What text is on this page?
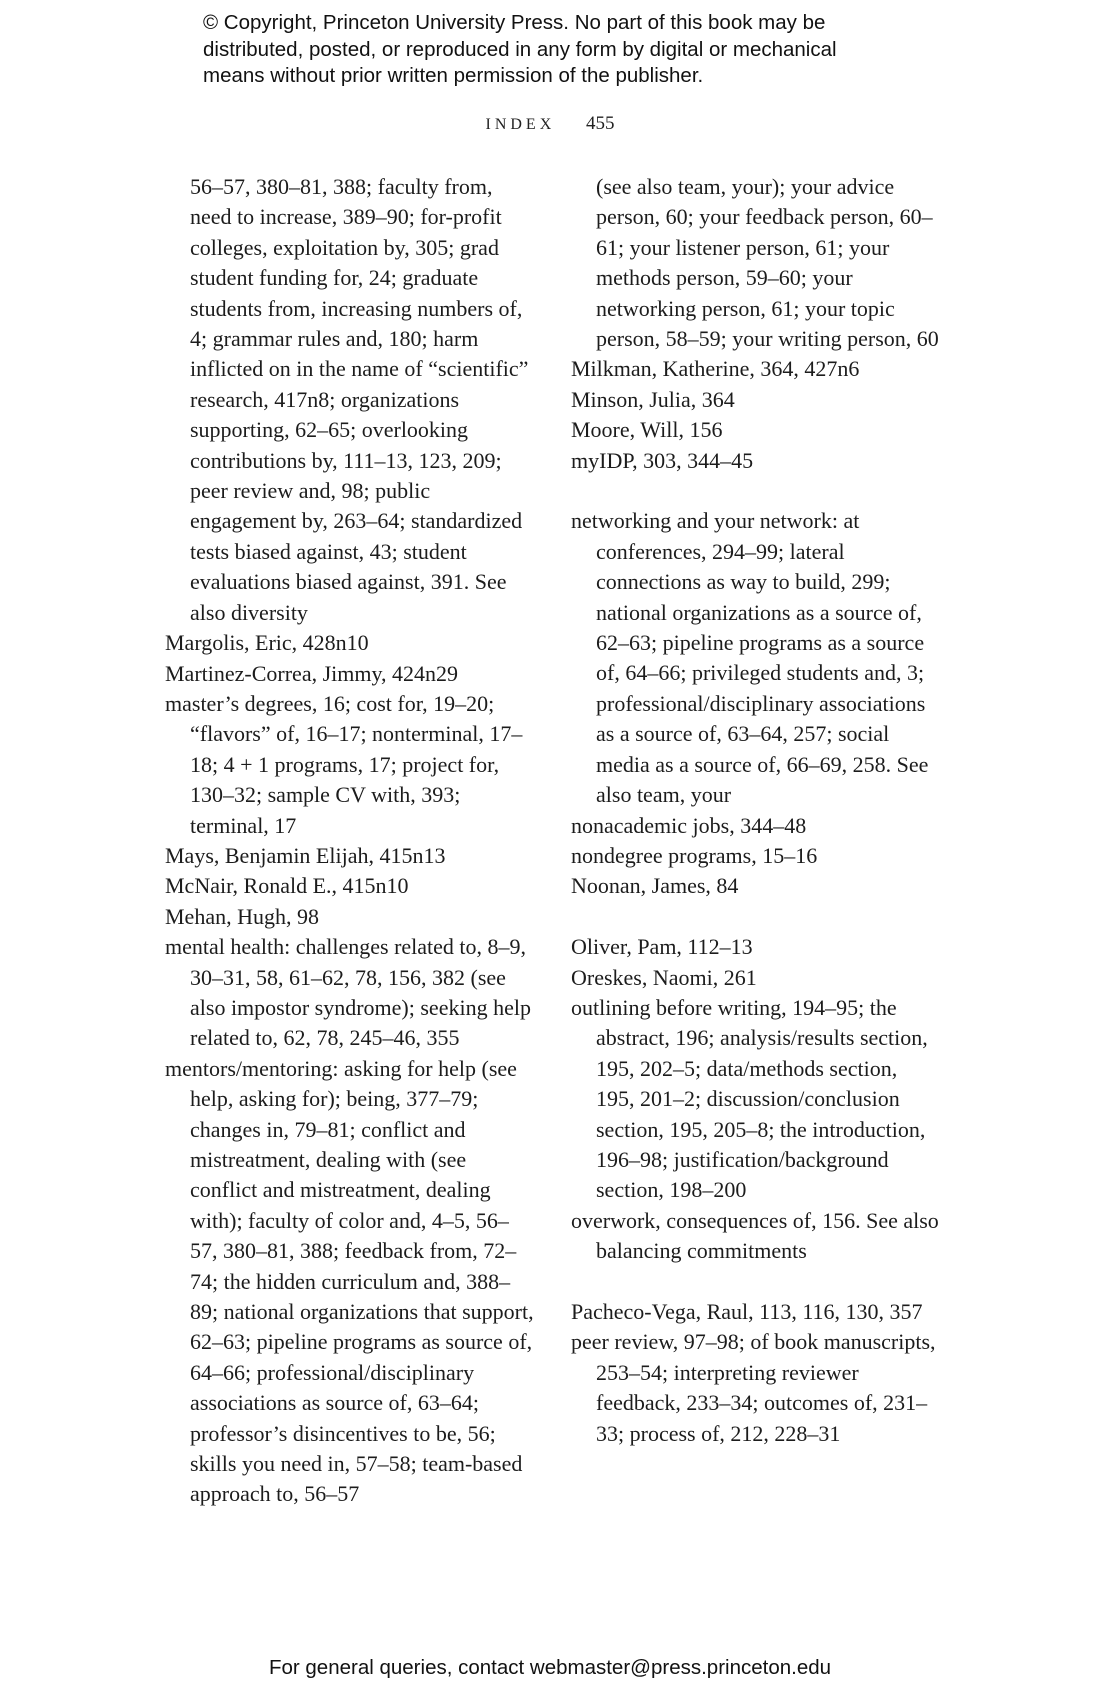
© Copyright, Princeton University Press. No part of this book may be
distributed, posted, or reproduced in any form by digital or mechanical
means without prior written permission of the publisher.
INDEX 455

56–57, 380–81, 388; faculty from, need to increase, 389–90; for-profit colleges, exploitation by, 305; grad student funding for, 24; graduate students from, increasing numbers of, 4; grammar rules and, 180; harm inflicted on in the name of “scientific” research, 417n8; organizations supporting, 62–65; overlooking contributions by, 111–13, 123, 209; peer review and, 98; public engagement by, 263–64; standardized tests biased against, 43; student evaluations biased against, 391. See also diversity

Margolis, Eric, 428n10

Martinez-Correa, Jimmy, 424n29

master’s degrees, 16; cost for, 19–20; “flavors” of, 16–17; nonterminal, 17–18; 4 + 1 programs, 17; project for, 130–32; sample CV with, 393; terminal, 17

Mays, Benjamin Elijah, 415n13

McNair, Ronald E., 415n10

Mehan, Hugh, 98

mental health: challenges related to, 8–9, 30–31, 58, 61–62, 78, 156, 382 (see also impostor syndrome); seeking help related to, 62, 78, 245–46, 355

mentors/mentoring: asking for help (see help, asking for); being, 377–79; changes in, 79–81; conflict and mistreatment, dealing with (see conflict and mistreatment, dealing with); faculty of color and, 4–5, 56–57, 380–81, 388; feedback from, 72–74; the hidden curriculum and, 388–89; national organizations that support, 62–63; pipeline programs as source of, 64–66; professional/disciplinary associations as source of, 63–64; professor’s disincentives to be, 56; skills you need in, 57–58; team-based approach to, 56–57

(see also team, your); your advice person, 60; your feedback person, 60–61; your listener person, 61; your methods person, 59–60; your networking person, 61; your topic person, 58–59; your writing person, 60

Milkman, Katherine, 364, 427n6

Minson, Julia, 364

Moore, Will, 156

myIDP, 303, 344–45

networking and your network: at conferences, 294–99; lateral connections as way to build, 299; national organizations as a source of, 62–63; pipeline programs as a source of, 64–66; privileged students and, 3; professional/disciplinary associations as a source of, 63–64, 257; social media as a source of, 66–69, 258. See also team, your

nonacademic jobs, 344–48

nondegree programs, 15–16

Noonan, James, 84

Oliver, Pam, 112–13

Oreskes, Naomi, 261

outlining before writing, 194–95; the abstract, 196; analysis/results section, 195, 202–5; data/methods section, 195, 201–2; discussion/conclusion section, 195, 205–8; the introduction, 196–98; justification/background section, 198–200

overwork, consequences of, 156. See also balancing commitments

Pacheco-Vega, Raul, 113, 116, 130, 357

peer review, 97–98; of book manuscripts, 253–54; interpreting reviewer feedback, 233–34; outcomes of, 231–33; process of, 212, 228–31

For general queries, contact webmaster@press.princeton.edu
